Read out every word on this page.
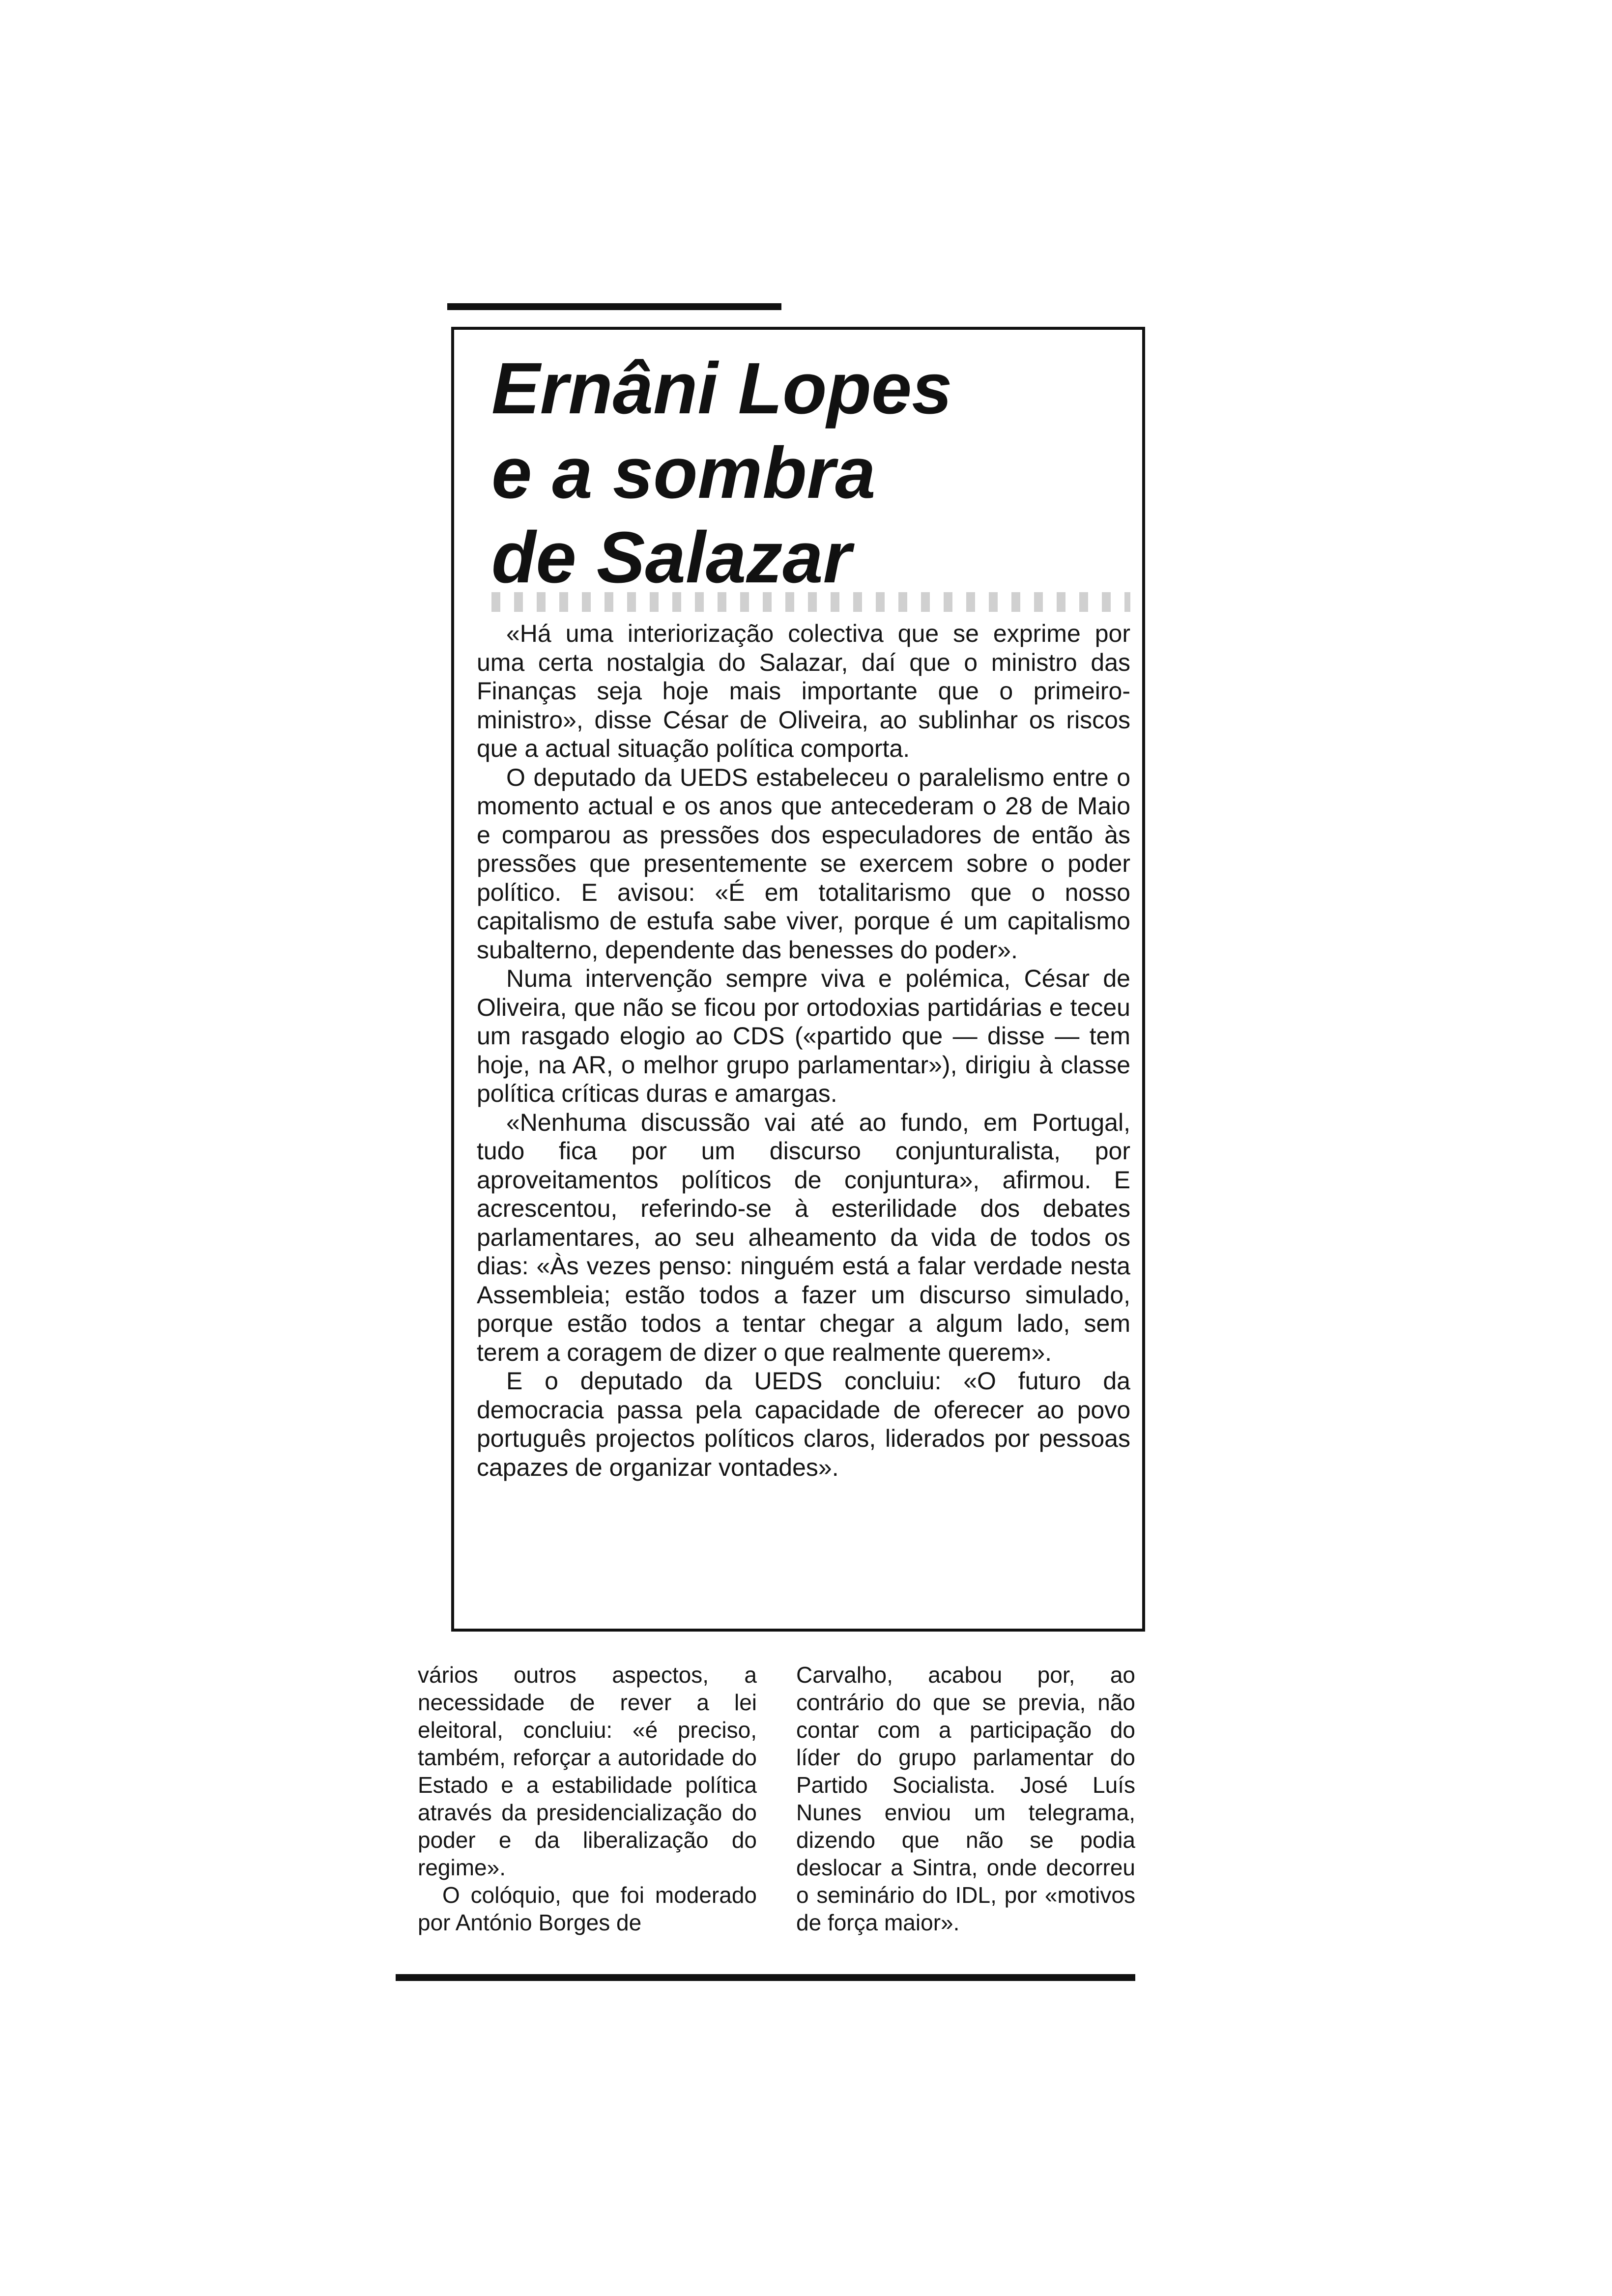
Ernâni Lopes
e a sombra
de Salazar

«Há uma interiorização colectiva que se exprime por uma certa nostalgia do Salazar, daí que o ministro das Finanças seja hoje mais importante que o primeiro-ministro», disse César de Oliveira, ao sublinhar os riscos que a actual situação política comporta.

O deputado da UEDS estabeleceu o paralelismo entre o momento actual e os anos que antecederam o 28 de Maio e comparou as pressões dos especuladores de então às pressões que presentemente se exercem sobre o poder político. E avisou: «É em totalitarismo que o nosso capitalismo de estufa sabe viver, porque é um capitalismo subalterno, dependente das benesses do poder».

Numa intervenção sempre viva e polémica, César de Oliveira, que não se ficou por ortodoxias partidárias e teceu um rasgado elogio ao CDS («partido que — disse — tem hoje, na AR, o melhor grupo parlamentar»), dirigiu à classe política críticas duras e amargas.

«Nenhuma discussão vai até ao fundo, em Portugal, tudo fica por um discurso conjunturalista, por aproveitamentos políticos de conjuntura», afirmou. E acrescentou, referindo-se à esterilidade dos debates parlamentares, ao seu alheamento da vida de todos os dias: «Às vezes penso: ninguém está a falar verdade nesta Assembleia; estão todos a fazer um discurso simulado, porque estão todos a tentar chegar a algum lado, sem terem a coragem de dizer o que realmente querem».

E o deputado da UEDS concluiu: «O futuro da democracia passa pela capacidade de oferecer ao povo português projectos políticos claros, liderados por pessoas capazes de organizar vontades».

vários outros aspectos, a necessidade de rever a lei eleitoral, concluiu: «é preciso, também, reforçar a autoridade do Estado e a estabilidade política através da presidencialização do poder e da liberalização do regime».

O colóquio, que foi moderado por António Borges de

Carvalho, acabou por, ao contrário do que se previa, não contar com a participação do líder do grupo parlamentar do Partido Socialista. José Luís Nunes enviou um telegrama, dizendo que não se podia deslocar a Sintra, onde decorreu o seminário do IDL, por «motivos de força maior».
